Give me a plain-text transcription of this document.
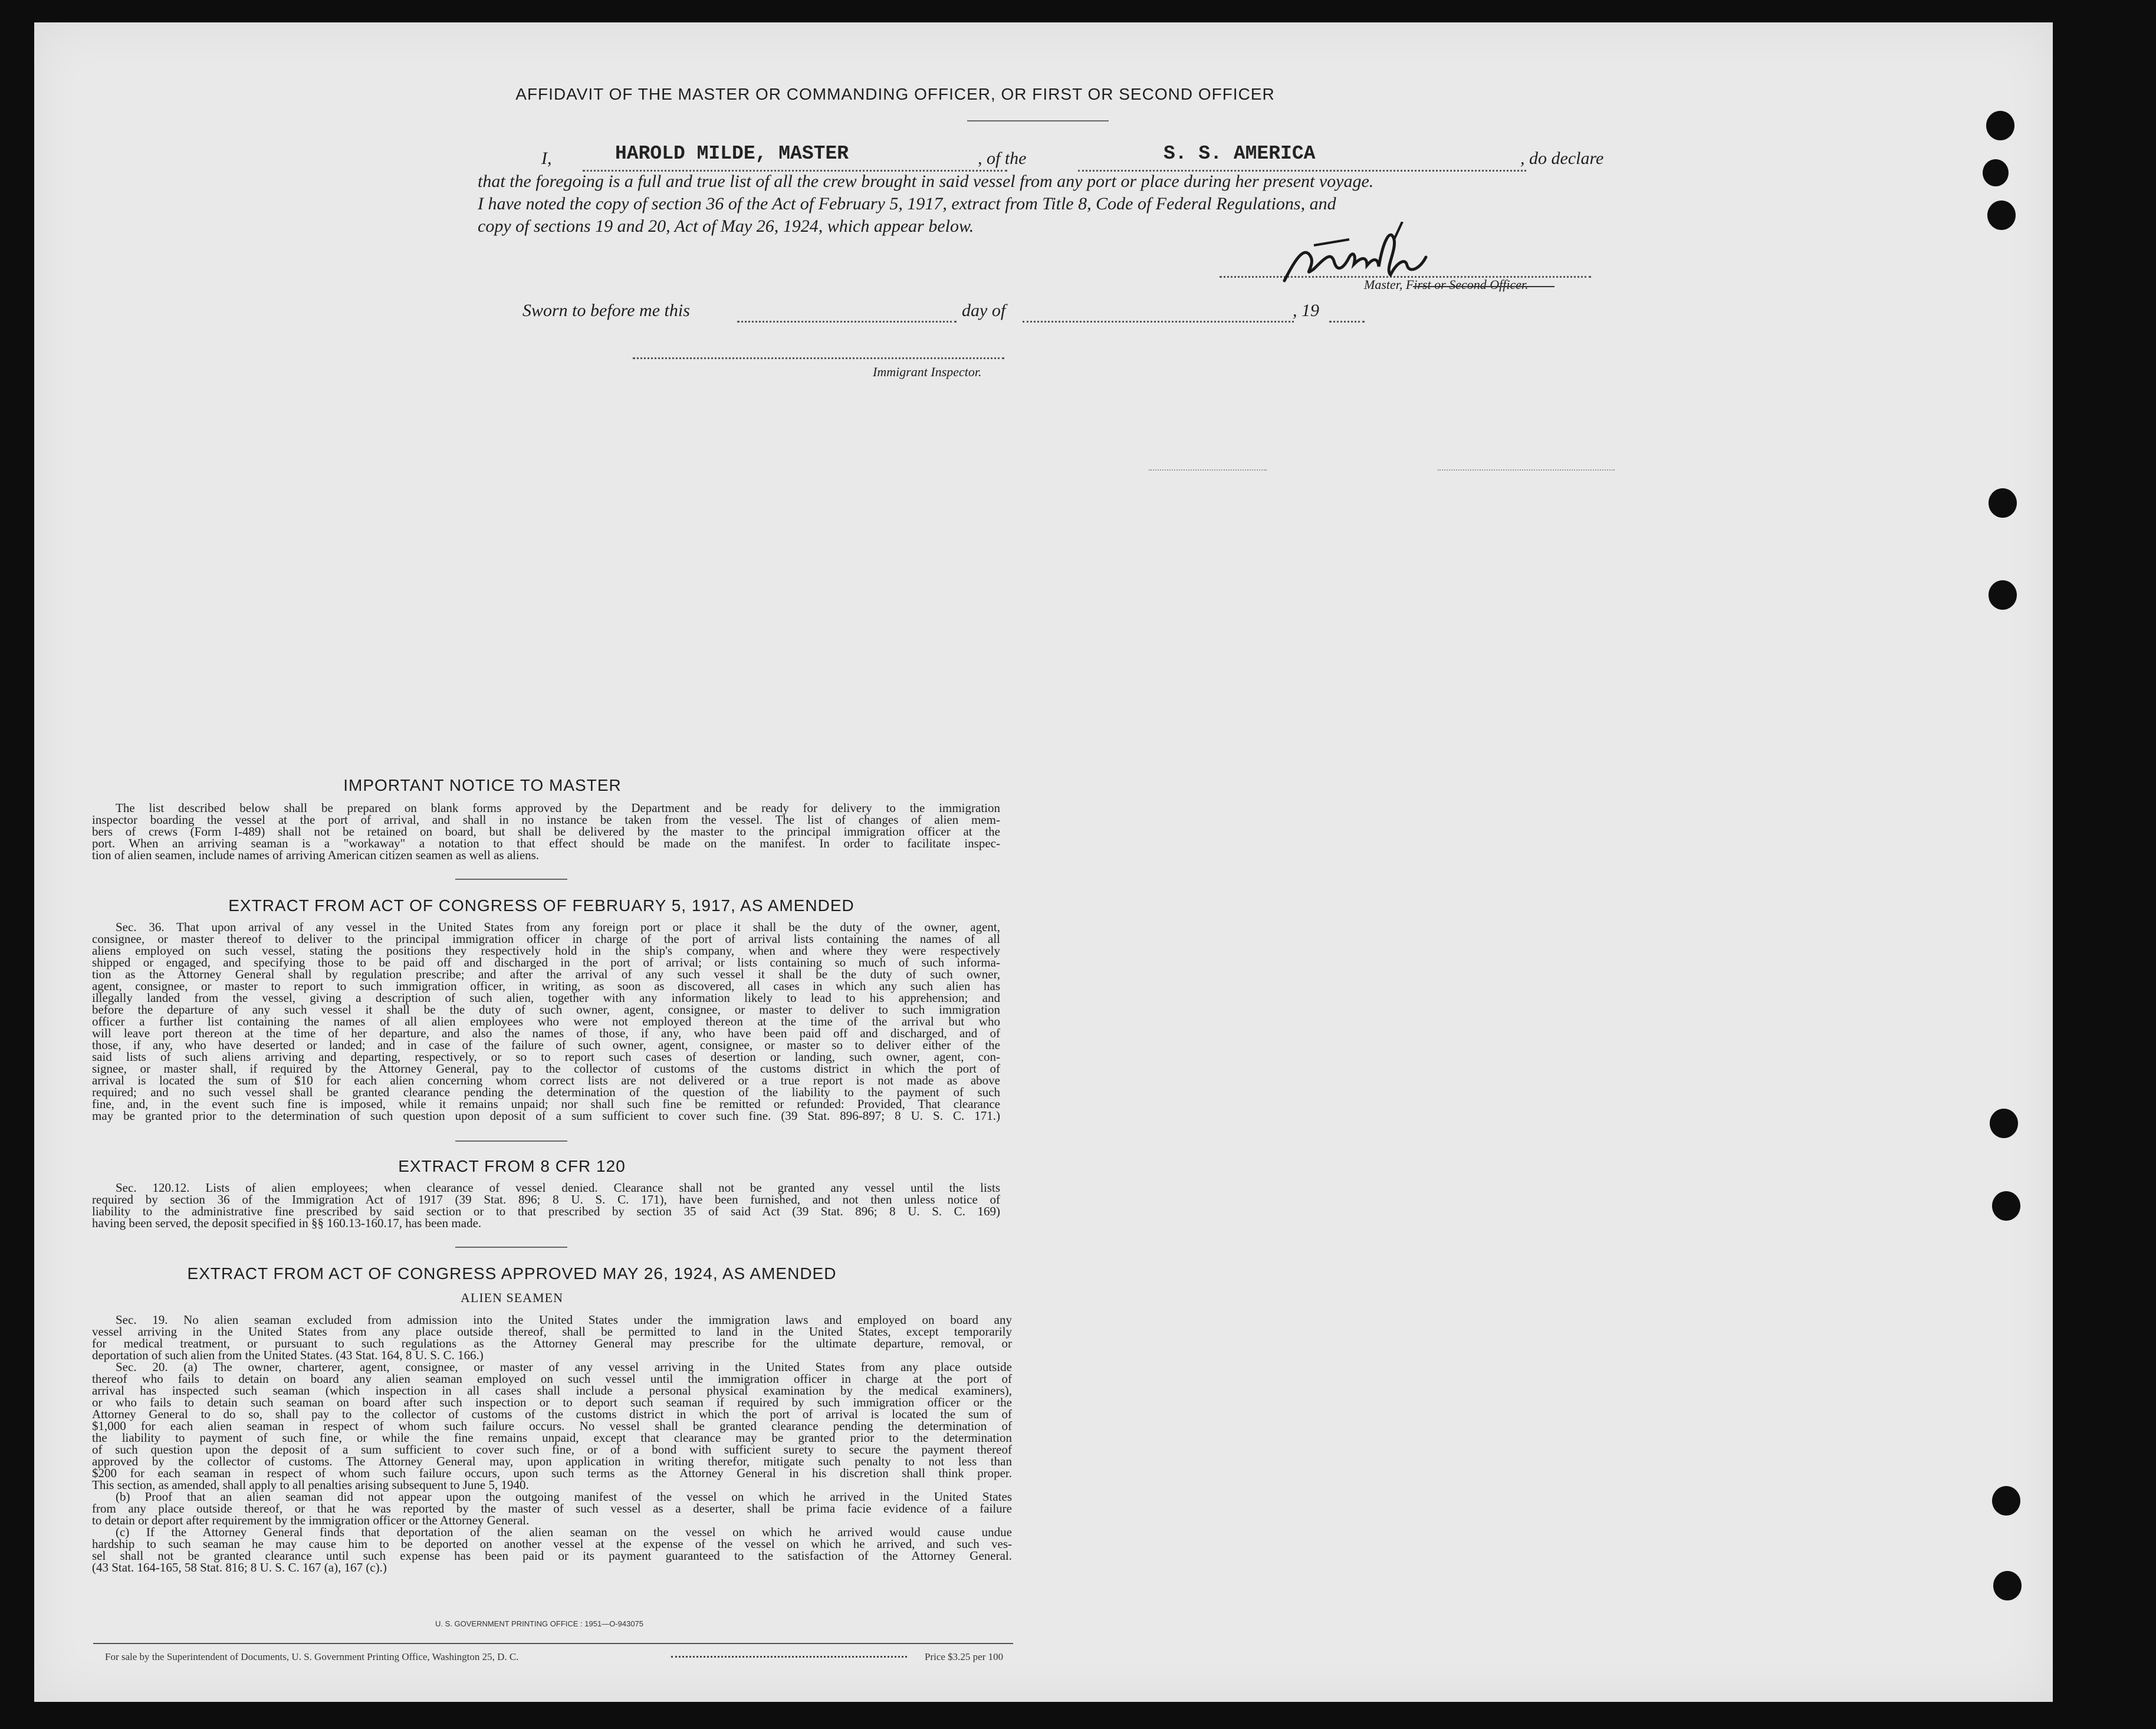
AFFIDAVIT OF THE MASTER OR COMMANDING OFFICER, OR FIRST OR SECOND OFFICER
I,	HAROLD MILDE, MASTER	, of the	S. S. AMERICA	, do declare
that the foregoing is a full and true list of all the crew brought in said vessel from any port or place during her present voyage.
I have noted the copy of section 36 of the Act of February 5, 1917, extract from Title 8, Code of Federal Regulations, and
copy of sections 19 and 20, Act of May 26, 1924, which appear below.
Master, First or Second Officer.
Sworn to before me this	day of	, 19
Immigrant Inspector.
IMPORTANT NOTICE TO MASTER
The list described below shall be prepared on blank forms approved by the Department and be ready for delivery to the immigration
inspector boarding the vessel at the port of arrival, and shall in no instance be taken from the vessel. The list of changes of alien mem-
bers of crews (Form I-489) shall not be retained on board, but shall be delivered by the master to the principal immigration officer at the
port. When an arriving seaman is a "workaway" a notation to that effect should be made on the manifest. In order to facilitate inspec-
tion of alien seamen, include names of arriving American citizen seamen as well as aliens.
EXTRACT FROM ACT OF CONGRESS OF FEBRUARY 5, 1917, AS AMENDED
Sec. 36. That upon arrival of any vessel in the United States from any foreign port or place it shall be the duty of the owner, agent,
consignee, or master thereof to deliver to the principal immigration officer in charge of the port of arrival lists containing the names of all
aliens employed on such vessel, stating the positions they respectively hold in the ship's company, when and where they were respectively
shipped or engaged, and specifying those to be paid off and discharged in the port of arrival; or lists containing so much of such informa-
tion as the Attorney General shall by regulation prescribe; and after the arrival of any such vessel it shall be the duty of such owner,
agent, consignee, or master to report to such immigration officer, in writing, as soon as discovered, all cases in which any such alien has
illegally landed from the vessel, giving a description of such alien, together with any information likely to lead to his apprehension; and
before the departure of any such vessel it shall be the duty of such owner, agent, consignee, or master to deliver to such immigration
officer a further list containing the names of all alien employees who were not employed thereon at the time of the arrival but who
will leave port thereon at the time of her departure, and also the names of those, if any, who have been paid off and discharged, and of
those, if any, who have deserted or landed; and in case of the failure of such owner, agent, consignee, or master so to deliver either of the
said lists of such aliens arriving and departing, respectively, or so to report such cases of desertion or landing, such owner, agent, con-
signee, or master shall, if required by the Attorney General, pay to the collector of customs of the customs district in which the port of
arrival is located the sum of $10 for each alien concerning whom correct lists are not delivered or a true report is not made as above
required; and no such vessel shall be granted clearance pending the determination of the question of the liability to the payment of such
fine, and, in the event such fine is imposed, while it remains unpaid; nor shall such fine be remitted or refunded: Provided, That clearance
may be granted prior to the determination of such question upon deposit of a sum sufficient to cover such fine. (39 Stat. 896-897; 8 U. S. C. 171.)
EXTRACT FROM 8 CFR 120
Sec. 120.12. Lists of alien employees; when clearance of vessel denied. Clearance shall not be granted any vessel until the lists
required by section 36 of the Immigration Act of 1917 (39 Stat. 896; 8 U. S. C. 171), have been furnished, and not then unless notice of
liability to the administrative fine prescribed by said section or to that prescribed by section 35 of said Act (39 Stat. 896; 8 U. S. C. 169)
having been served, the deposit specified in §§ 160.13-160.17, has been made.
EXTRACT FROM ACT OF CONGRESS APPROVED MAY 26, 1924, AS AMENDED
ALIEN SEAMEN
Sec. 19. No alien seaman excluded from admission into the United States under the immigration laws and employed on board any
vessel arriving in the United States from any place outside thereof, shall be permitted to land in the United States, except temporarily
for medical treatment, or pursuant to such regulations as the Attorney General may prescribe for the ultimate departure, removal, or
deportation of such alien from the United States. (43 Stat. 164, 8 U. S. C. 166.)
Sec. 20. (a) The owner, charterer, agent, consignee, or master of any vessel arriving in the United States from any place outside
thereof who fails to detain on board any alien seaman employed on such vessel until the immigration officer in charge at the port of
arrival has inspected such seaman (which inspection in all cases shall include a personal physical examination by the medical examiners),
or who fails to detain such seaman on board after such inspection or to deport such seaman if required by such immigration officer or the
Attorney General to do so, shall pay to the collector of customs of the customs district in which the port of arrival is located the sum of
$1,000 for each alien seaman in respect of whom such failure occurs. No vessel shall be granted clearance pending the determination of
the liability to payment of such fine, or while the fine remains unpaid, except that clearance may be granted prior to the determination
of such question upon the deposit of a sum sufficient to cover such fine, or of a bond with sufficient surety to secure the payment thereof
approved by the collector of customs. The Attorney General may, upon application in writing therefor, mitigate such penalty to not less than
$200 for each seaman in respect of whom such failure occurs, upon such terms as the Attorney General in his discretion shall think proper.
This section, as amended, shall apply to all penalties arising subsequent to June 5, 1940.
(b) Proof that an alien seaman did not appear upon the outgoing manifest of the vessel on which he arrived in the United States
from any place outside thereof, or that he was reported by the master of such vessel as a deserter, shall be prima facie evidence of a failure
to detain or deport after requirement by the immigration officer or the Attorney General.
(c) If the Attorney General finds that deportation of the alien seaman on the vessel on which he arrived would cause undue
hardship to such seaman he may cause him to be deported on another vessel at the expense of the vessel on which he arrived, and such ves-
sel shall not be granted clearance until such expense has been paid or its payment guaranteed to the satisfaction of the Attorney General.
(43 Stat. 164-165, 58 Stat. 816; 8 U. S. C. 167 (a), 167 (c).)
U. S. GOVERNMENT PRINTING OFFICE : 1951—O-943075
For sale by the Superintendent of Documents, U. S. Government Printing Office, Washington 25, D. C.	Price $3.25 per 100
